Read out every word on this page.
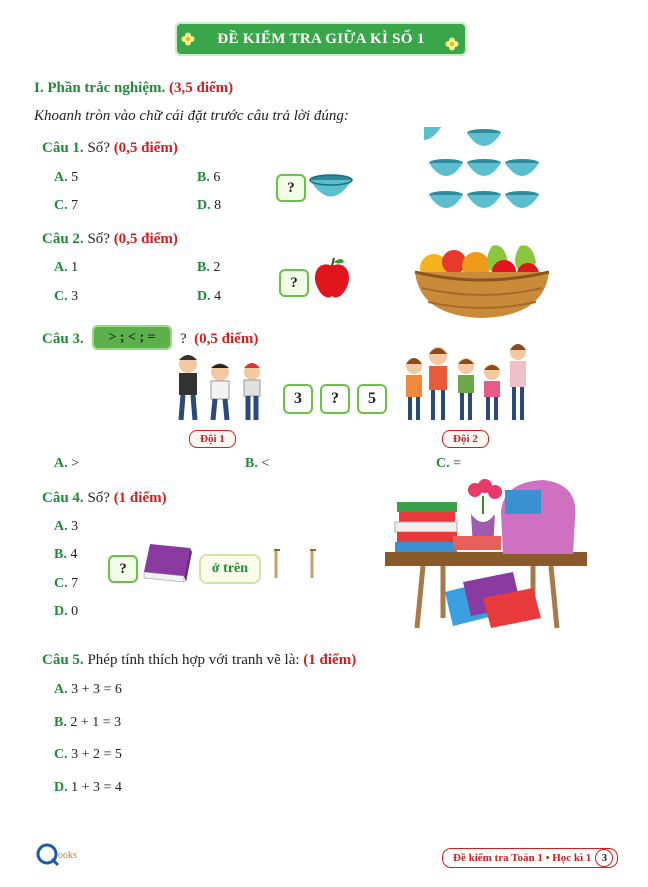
ĐỀ KIỂM TRA GIỮA KÌ SỐ 1
I. Phần trắc nghiệm. (3,5 điểm)
Khoanh tròn vào chữ cái đặt trước câu trả lời đúng:
Câu 1. Số? (0,5 điểm)
A. 5	B. 6
C. 7	D. 8
?
Câu 2. Số? (0,5 điểm)
A. 1	B. 2
C. 3	D. 4
?
Câu 3.	> ; < ; =	? (0,5 điểm)
3	?	5
Đội 1	Đội 2
A. >	B. <	C. =
Câu 4. Số? (1 điểm)
A. 3
B. 4
C. 7
D. 0
?	ở trên
Câu 5. Phép tính thích hợp với tranh vẽ là: (1 điểm)
A. 3 + 3 = 6
B. 2 + 1 = 3
C. 3 + 2 = 5
D. 1 + 3 = 4
ooks	Đề kiểm tra Toán 1 • Học kì 1 3
